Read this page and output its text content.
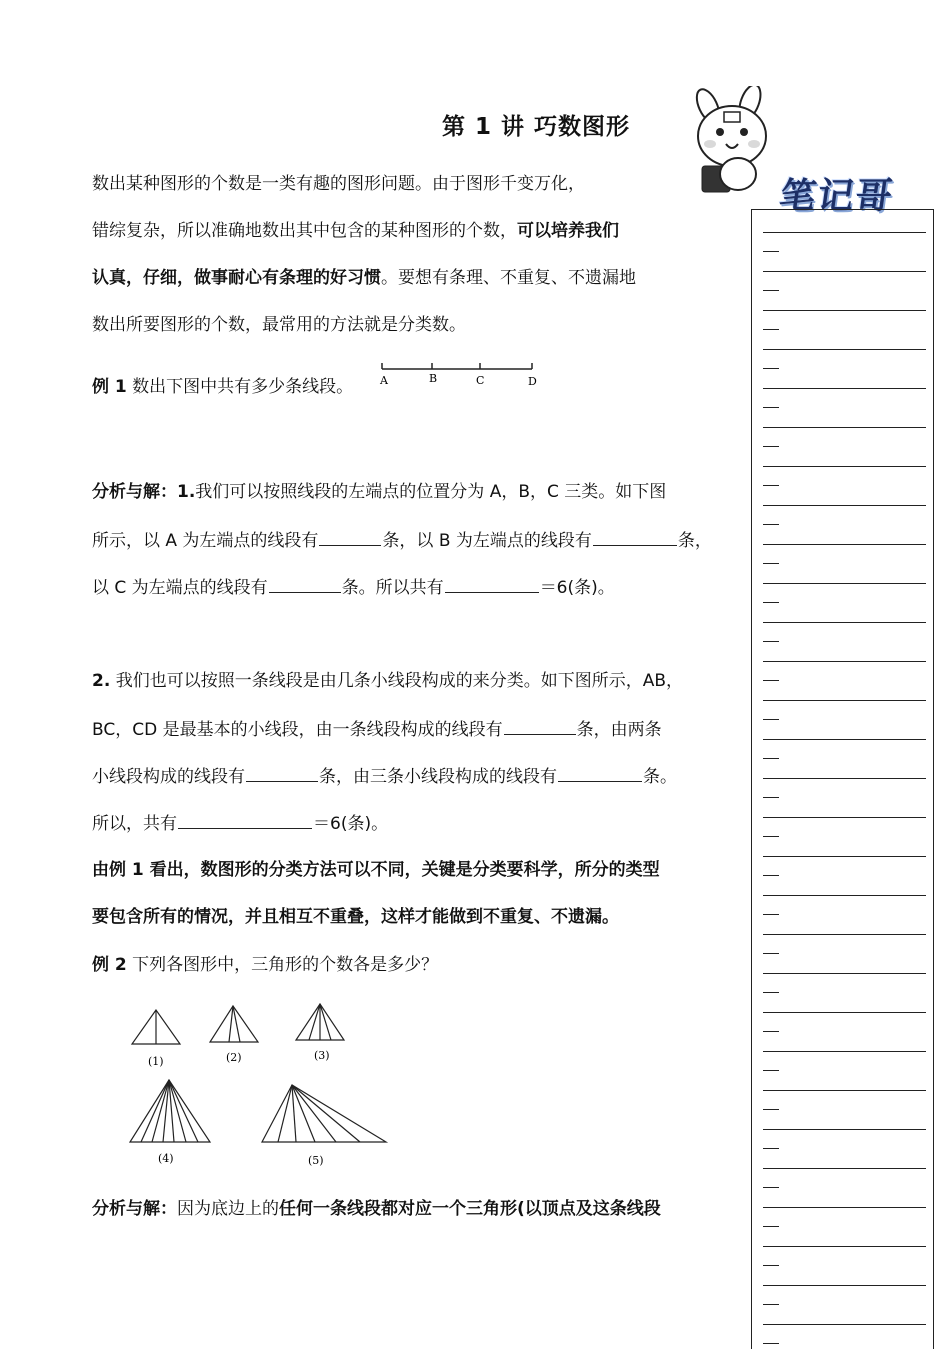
第 1 讲 巧数图形
笔记哥

数出某种图形的个数是一类有趣的图形问题。由于图形千变万化，

错综复杂，所以准确地数出其中包含的某种图形的个数，可以培养我们

认真，仔细，做事耐心有条理的好习惯。要想有条理、不重复、不遗漏地

数出所要图形的个数，最常用的方法就是分类数。

例 1 数出下图中共有多少条线段。 A	B	C	D

分析与解：1.我们可以按照线段的左端点的位置分为 A，B，C 三类。如下图

所示，以 A 为左端点的线段有	条，以 B 为左端点的线段有	条，

以 C 为左端点的线段有	条。所以共有	＝6(条)。

2. 我们也可以按照一条线段是由几条小线段构成的来分类。如下图所示，AB，

BC，CD 是最基本的小线段，由一条线段构成的线段有	条，由两条

小线段构成的线段有	条，由三条小线段构成的线段有	条。

所以，共有	＝6(条)。

由例 1 看出，数图形的分类方法可以不同，关键是分类要科学，所分的类型

要包含所有的情况，并且相互不重叠，这样才能做到不重复、不遗漏。

例 2 下列各图形中，三角形的个数各是多少？

(1)	(2)	(3)
(4)	(5)

分析与解：因为底边上的任何一条线段都对应一个三角形(以顶点及这条线段
